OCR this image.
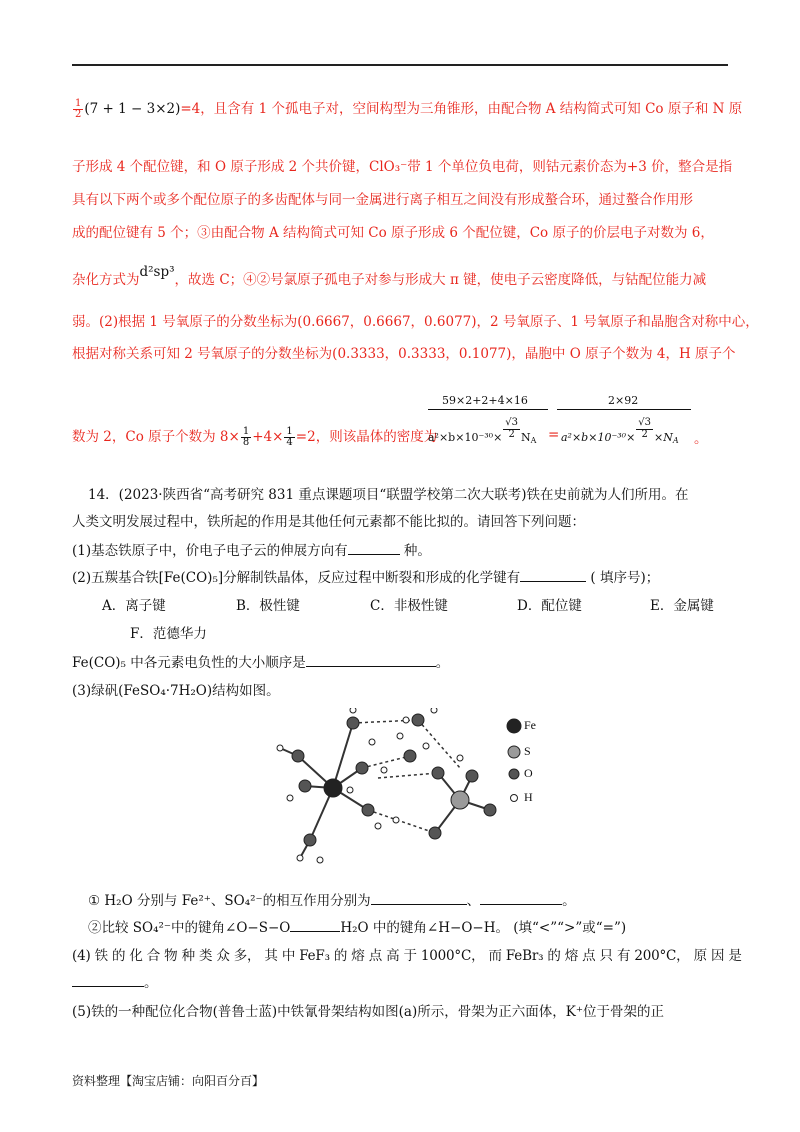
$\frac{1}{2} (7 + 1 - 3\times 2)=4$，且含有 1 个孤电子对，空间构型为三角锥形，由配合物 A 结构简式可知 Co 原子和 N 原
子形成 4 个配位键，和 O 原子形成 2 个共价键，ClO₃⁻带 1 个单位负电荷，则钴元素价态为+3 价，整合是指
具有以下两个或多个配位原子的多齿配体与同一金属进行离子相互之间没有形成螯合环，通过螯合作用形
成的配位键有 5 个；③由配合物 A 结构简式可知 Co 原子形成 6 个配位键，Co 原子的价层电子对数为 6，
杂化方式为d²sp³，故选 C；④②号氯原子孤电子对参与形成大 π 键，使电子云密度降低，与钴配位能力减
弱。(2)根据 1 号氧原子的分数坐标为(0.6667，0.6667，0.6077)，2 号氧原子、1 号氧原子和晶胞含对称中心，
根据对称关系可知 2 号氧原子的分数坐标为(0.3333，0.3333，0.1077)，晶胞中 O 原子个数为 4，H 原子个
59×2+2+4×16	2×92
数为 2，Co 原子个数为 $8\times \frac{1}{8} +4\times \frac{1}{4} =2$，则该晶体的密度为
$a^2\times b\times 10^{-30}\times \frac{√3}{2} N_A = a^2\times b\times 10^{-30}\times \frac{√3}{2} \times N_A$ 。
14．(2023·陕西省“高考研究 831 重点课题项目“联盟学校第二次大联考)铁在史前就为人们所用。在
人类文明发展过程中，铁所起的作用是其他任何元素都不能比拟的。请回答下列问题：
(1)基态铁原子中，价电子电子云的伸展方向有	种。
(2)五羰基合铁[Fe(CO)₅]分解制铁晶体，反应过程中断裂和形成的化学键有	( 填序号)；
A．离子键	B．极性键	C．非极性键	D．配位键	E．金属键
F．范德华力
Fe(CO)₅ 中各元素电负性的大小顺序是	。
(3)绿矾(FeSO₄·7H₂O)结构如图。
Fe
S
O
H
① H₂O 分别与 Fe²⁺、SO₄²⁻的相互作用分别为	、	。
②比较 SO₄²⁻中的键角∠O−S−O	H₂O 中的键角∠H−O−H。 (填“<”“>”或“=”)
(4) 铁 的 化 合 物 种 类 众 多， 其 中 FeF₃ 的 熔 点 高 于 1000°C， 而 FeBr₃ 的 熔 点 只 有 200°C， 原 因 是
。
(5)铁的一种配位化合物(普鲁士蓝)中铁氰骨架结构如图(a)所示，骨架为正六面体，K⁺位于骨架的正
资料整理【淘宝店铺：向阳百分百】
